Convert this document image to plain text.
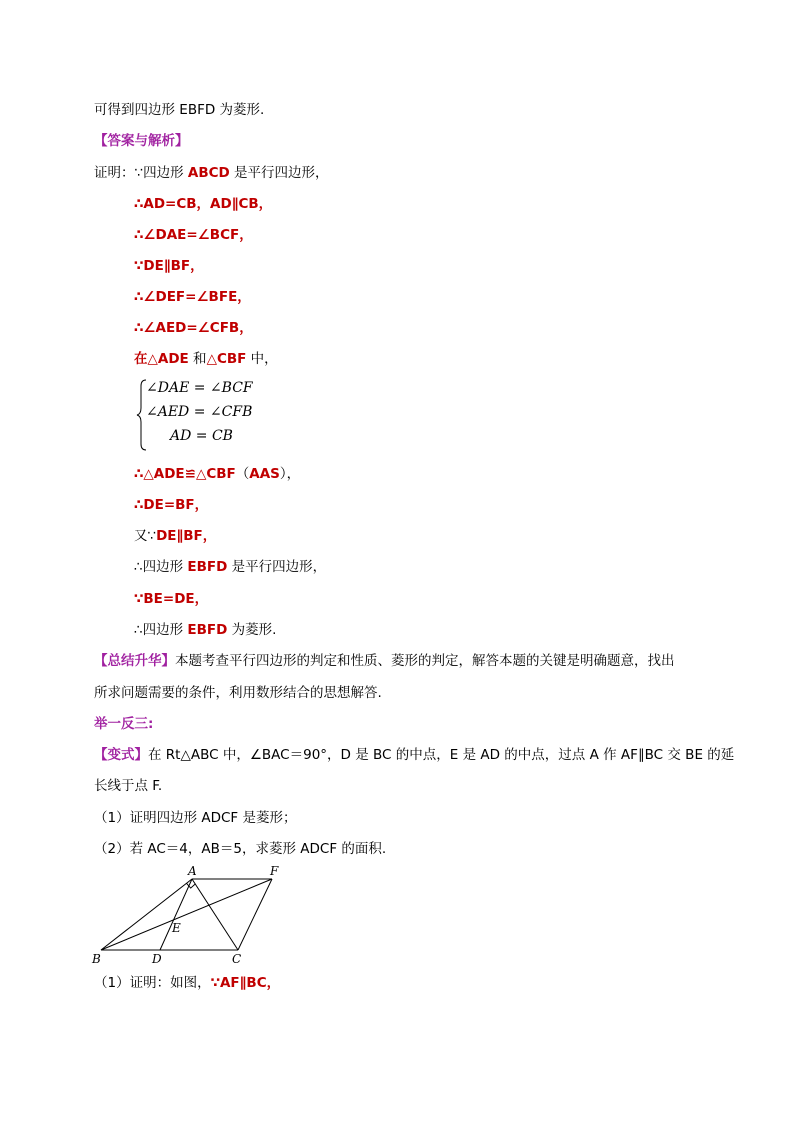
可得到四边形 EBFD 为菱形.
【答案与解析】
证明：∵四边形 ABCD 是平行四边形，
∴AD=CB，AD∥CB，
∴∠DAE=∠BCF，
∵DE∥BF，
∴∠DEF=∠BFE，
∴∠AED=∠CFB，
在△ADE 和△CBF 中，
∠DAE = ∠BCF
∠AED = ∠CFB
AD = CB
∴△ADE≌△CBF（AAS），
∴DE=BF，
又∵DE∥BF，
∴四边形 EBFD 是平行四边形，
∵BE=DE，
∴四边形 EBFD 为菱形.
【总结升华】本题考查平行四边形的判定和性质、菱形的判定，解答本题的关键是明确题意，找出
所求问题需要的条件，利用数形结合的思想解答.
举一反三:
【变式】在 Rt△ABC 中，∠BAC＝90°，D 是 BC 的中点，E 是 AD 的中点，过点 A 作 AF∥BC 交 BE 的延
长线于点 F.
（1）证明四边形 ADCF 是菱形；
（2）若 AC＝4，AB＝5，求菱形 ADCF 的面积.
A	F
E
B	D	C
（1）证明：如图，∵AF∥BC，
